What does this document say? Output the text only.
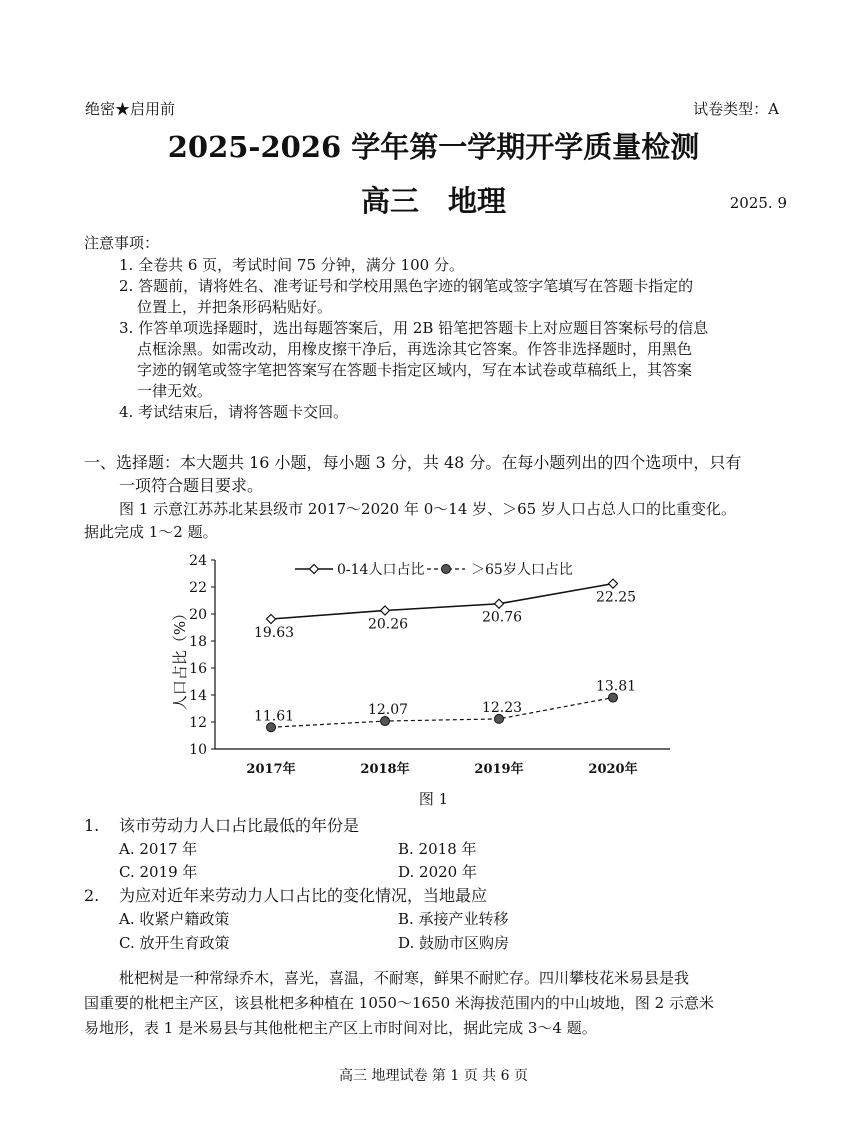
绝密★启用前	试卷类型：A
2025-2026 学年第一学期开学质量检测
高三　地理	2025. 9
注意事项：
1. 全卷共 6 页，考试时间 75 分钟，满分 100 分。
2. 答题前，请将姓名、准考证号和学校用黑色字迹的钢笔或签字笔填写在答题卡指定的
位置上，并把条形码粘贴好。
3. 作答单项选择题时，选出每题答案后，用 2B 铅笔把答题卡上对应题目答案标号的信息
点框涂黑。如需改动，用橡皮擦干净后，再选涂其它答案。作答非选择题时，用黑色
字迹的钢笔或签字笔把答案写在答题卡指定区域内，写在本试卷或草稿纸上，其答案
一律无效。
4. 考试结束后，请将答题卡交回。
一、选择题：本大题共 16 小题，每小题 3 分，共 48 分。在每小题列出的四个选项中，只有
一项符合题目要求。
图 1 示意江苏苏北某县级市 2017～2020 年 0～14 岁、＞65 岁人口占总人口的比重变化。
据此完成 1～2 题。
10
12
14
16
18
20
22
24
2017年	2018年	2019年	2020年
19.63
20.26	20.76
22.25
11.61	12.07	12.23
13.81
0-14人口占比	＞65岁人口占比
人口占比（%）
图 1
1. 该市劳动力人口占比最低的年份是
A. 2017 年	B. 2018 年
C. 2019 年	D. 2020 年
2. 为应对近年来劳动力人口占比的变化情况，当地最应
A. 收紧户籍政策	B. 承接产业转移
C. 放开生育政策	D. 鼓励市区购房
枇杷树是一种常绿乔木，喜光，喜温，不耐寒，鲜果不耐贮存。四川攀枝花米易县是我
国重要的枇杷主产区，该县枇杷多种植在 1050～1650 米海拔范围内的中山坡地，图 2 示意米
易地形，表 1 是米易县与其他枇杷主产区上市时间对比，据此完成 3～4 题。
高三 地理试卷 第 1 页 共 6 页
